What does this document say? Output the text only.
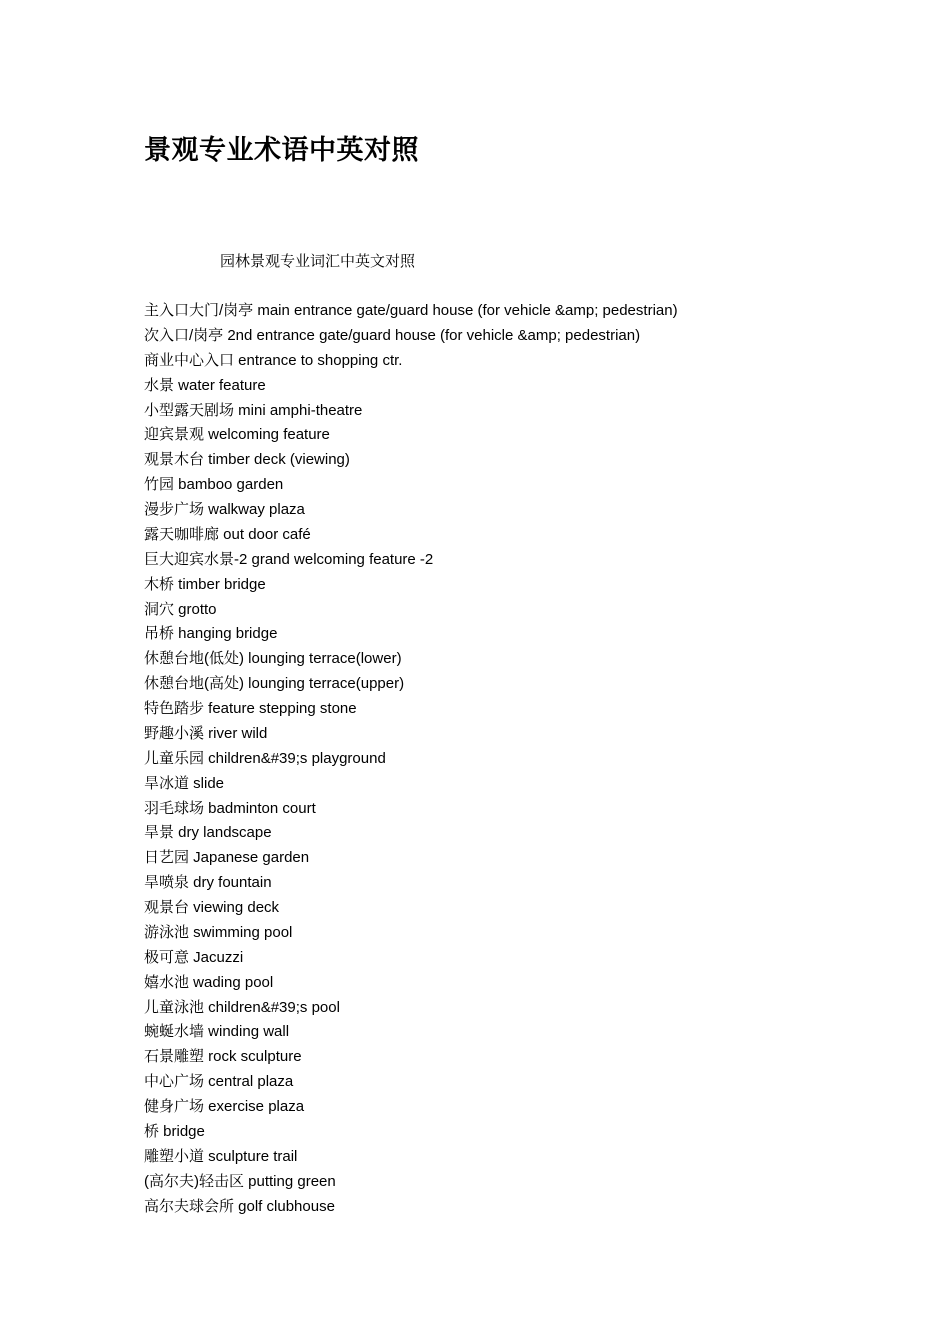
景观专业术语中英对照

园林景观专业词汇中英文对照

主入口大门/岗亭 main entrance gate/guard house (for vehicle &amp; pedestrian)
次入口/岗亭 2nd entrance gate/guard house (for vehicle &amp; pedestrian)
商业中心入口 entrance to shopping ctr.
水景 water feature
小型露天剧场 mini amphi-theatre
迎宾景观 welcoming feature
观景木台 timber deck (viewing)
竹园 bamboo garden
漫步广场 walkway plaza
露天咖啡廊 out door café
巨大迎宾水景-2 grand welcoming feature -2
木桥 timber bridge
洞穴 grotto
吊桥 hanging bridge
休憩台地(低处) lounging terrace(lower)
休憩台地(高处) lounging terrace(upper)
特色踏步 feature stepping stone
野趣小溪 river wild
儿童乐园 children&#39;s playground
旱冰道 slide
羽毛球场 badminton court
旱景 dry landscape
日艺园 Japanese garden
旱喷泉 dry fountain
观景台 viewing deck
游泳池 swimming pool
极可意 Jacuzzi
嬉水池 wading pool
儿童泳池 children&#39;s pool
蜿蜒水墙 winding wall
石景雕塑 rock sculpture
中心广场 central plaza
健身广场 exercise plaza
桥 bridge
雕塑小道 sculpture trail
(高尔夫)轻击区 putting green
高尔夫球会所 golf clubhouse
